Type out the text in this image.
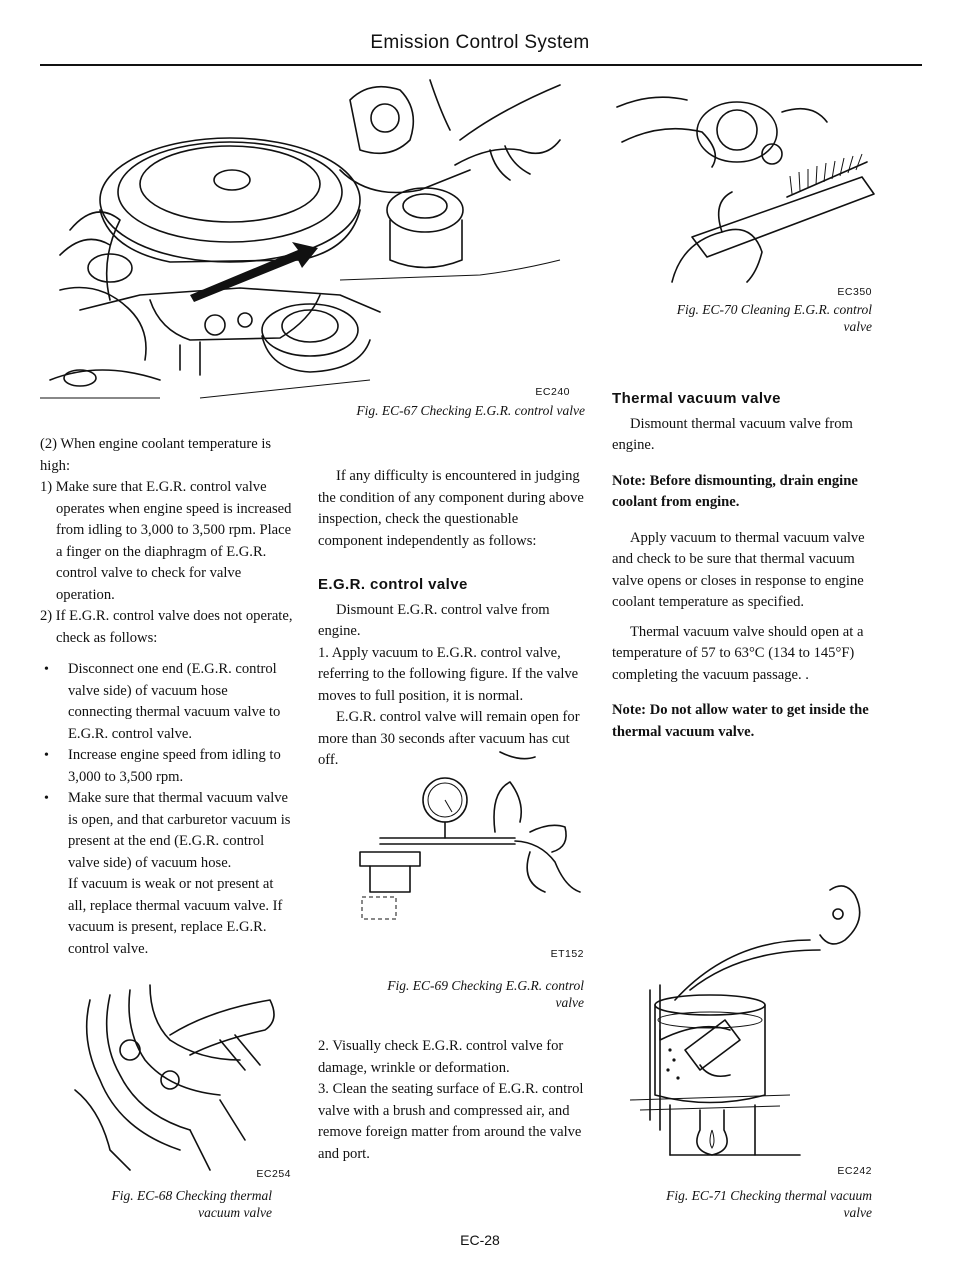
Emission Control System
EC240
Fig. EC-67 Checking E.G.R. control valve
EC350
Fig. EC-70 Cleaning E.G.R. control
valve

(2) When engine coolant temperature is high:

1) Make sure that E.G.R. control valve operates when engine speed is increased from idling to 3,000 to 3,500 rpm. Place a finger on the diaphragm of E.G.R. control valve to check for valve operation.

2) If E.G.R. control valve does not operate, check as follows:

• Disconnect one end (E.G.R. control valve side) of vacuum hose connecting thermal vacuum valve to E.G.R. control valve.

• Increase engine speed from idling to 3,000 to 3,500 rpm.

• Make sure that thermal vacuum valve is open, and that carburetor vacuum is present at the end (E.G.R. control valve side) of vacuum hose.
If vacuum is weak or not present at all, replace thermal vacuum valve. If vacuum is present, replace E.G.R. control valve.

EC254
Fig. EC-68 Checking thermal
vacuum valve

If any difficulty is encountered in judging the condition of any component during above inspection, check the questionable component independently as follows:

E.G.R. control valve

Dismount E.G.R. control valve from engine.

1. Apply vacuum to E.G.R. control valve, referring to the following figure. If the valve moves to full position, it is normal.

E.G.R. control valve will remain open for more than 30 seconds after vacuum has cut off.

ET152
Fig. EC-69 Checking E.G.R. control
valve

2. Visually check E.G.R. control valve for damage, wrinkle or deformation.

3. Clean the seating surface of E.G.R. control valve with a brush and compressed air, and remove foreign matter from around the valve and port.

Thermal vacuum valve

Dismount thermal vacuum valve from engine.

Note: Before dismounting, drain engine coolant from engine.

Apply vacuum to thermal vacuum valve and check to be sure that thermal vacuum valve opens or closes in response to engine coolant temperature as specified.

Thermal vacuum valve should open at a temperature of 57 to 63°C (134 to 145°F) completing the vacuum passage. .

Note: Do not allow water to get inside the thermal vacuum valve.

EC242
Fig. EC-71 Checking thermal vacuum
valve
EC-28
